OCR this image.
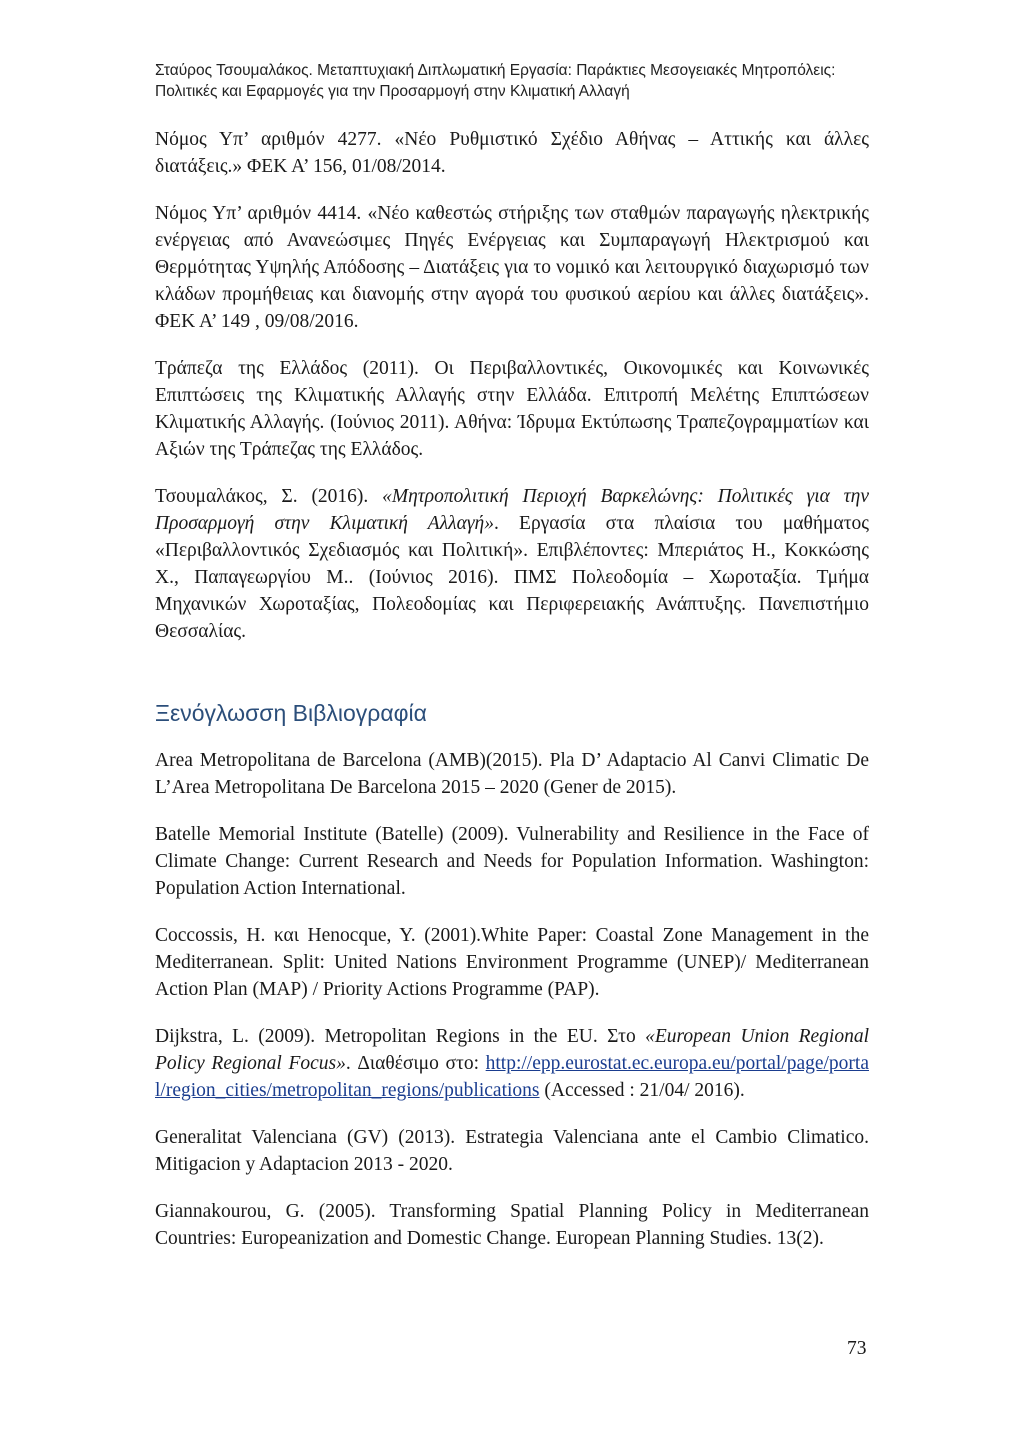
Σταύρος Τσουμαλάκος. Μεταπτυχιακή Διπλωματική Εργασία: Παράκτιες Μεσογειακές Μητροπόλεις:
Πολιτικές και Εφαρμογές για την Προσαρμογή στην Κλιματική Αλλαγή

Νόμος Υπ’ αριθμόν 4277. «Νέο Ρυθμιστικό Σχέδιο Αθήνας – Αττικής και άλλες διατάξεις.» ΦΕΚ Α’ 156, 01/08/2014.

Νόμος Υπ’ αριθμόν 4414. «Νέο καθεστώς στήριξης των σταθμών παραγωγής ηλεκτρικής ενέργειας από Ανανεώσιμες Πηγές Ενέργειας και Συμπαραγωγή Ηλεκτρισμού και Θερμότητας Υψηλής Απόδοσης – Διατάξεις για το νομικό και λειτουργικό διαχωρισμό των κλάδων προμήθειας και διανομής στην αγορά του φυσικού αερίου και άλλες διατάξεις». ΦΕΚ Α’ 149 , 09/08/2016.

Τράπεζα της Ελλάδος (2011). Οι Περιβαλλοντικές, Οικονομικές και Κοινωνικές Επιπτώσεις της Κλιματικής Αλλαγής στην Ελλάδα. Επιτροπή Μελέτης Επιπτώσεων Κλιματικής Αλλαγής. (Ιούνιος 2011). Αθήνα: Ίδρυμα Εκτύπωσης Τραπεζογραμματίων και Αξιών της Τράπεζας της Ελλάδος.

Τσουμαλάκος, Σ. (2016). «Μητροπολιτική Περιοχή Βαρκελώνης: Πολιτικές για την Προσαρμογή στην Κλιματική Αλλαγή». Εργασία στα πλαίσια του μαθήματος «Περιβαλλοντικός Σχεδιασμός και Πολιτική». Επιβλέποντες: Μπεριάτος Η., Κοκκώσης Χ., Παπαγεωργίου Μ.. (Ιούνιος 2016). ΠΜΣ Πολεοδομία – Χωροταξία. Τμήμα Μηχανικών Χωροταξίας, Πολεοδομίας και Περιφερειακής Ανάπτυξης. Πανεπιστήμιο Θεσσαλίας.

Ξενόγλωσση Βιβλιογραφία

Area Metropolitana de Barcelona (AMB)(2015). Pla D’ Adaptacio Al Canvi Climatic De L’Area Metropolitana De Barcelona 2015 – 2020 (Gener de 2015).

Batelle Memorial Institute (Batelle) (2009). Vulnerability and Resilience in the Face of Climate Change: Current Research and Needs for Population Information. Washington: Population Action International.

Coccossis, H. και Henocque, Y. (2001).White Paper: Coastal Zone Management in the Mediterranean. Split: United Nations Environment Programme (UNEP)/ Mediterranean Action Plan (MAP) / Priority Actions Programme (PAP).

Dijkstra, L. (2009). Metropolitan Regions in the EU. Στο «European Union Regional Policy Regional Focus». Διαθέσιμο στο: http://epp.eurostat.ec.europa.eu/portal/page/portal/region_cities/metropolitan_regions/publications (Accessed : 21/04/ 2016).

Generalitat Valenciana (GV) (2013). Estrategia Valenciana ante el Cambio Climatico. Mitigacion y Adaptacion 2013 - 2020.

Giannakourou, G. (2005). Transforming Spatial Planning Policy in Mediterranean Countries: Europeanization and Domestic Change. European Planning Studies. 13(2).

73
